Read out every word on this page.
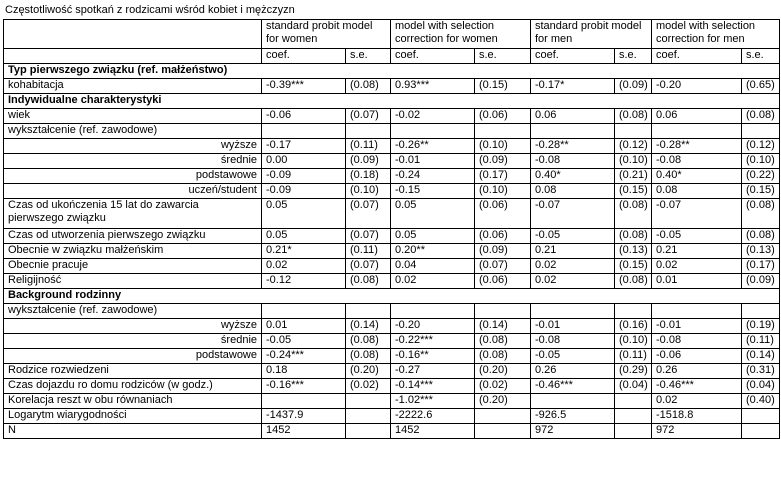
Częstotliwość spotkań z rodzicami wśród kobiet i mężczyzn
	standard probit model for women		model with selection correction for women		standard probit model for men		model with selection correction for men	
	coef.	s.e.	coef.	s.e.	coef.	s.e.	coef.	s.e.
Typ pierwszego związku (ref. małżeństwo)								
kohabitacja	-0.39***	(0.08)	0.93***	(0.15)	-0.17*	(0.09)	-0.20	(0.65)
Indywidualne charakterystyki								
wiek	-0.06	(0.07)	-0.02	(0.06)	0.06	(0.08)	0.06	(0.08)
wykształcenie (ref. zawodowe)								
wyższe	-0.17	(0.11)	-0.26**	(0.10)	-0.28**	(0.12)	-0.28**	(0.12)
średnie	0.00	(0.09)	-0.01	(0.09)	-0.08	(0.10)	-0.08	(0.10)
podstawowe	-0.09	(0.18)	-0.24	(0.17)	0.40*	(0.21)	0.40*	(0.22)
uczeń/student	-0.09	(0.10)	-0.15	(0.10)	0.08	(0.15)	0.08	(0.15)
Czas od ukończenia 15 lat do zawarcia pierwszego związku	0.05	(0.07)	0.05	(0.06)	-0.07	(0.08)	-0.07	(0.08)
Czas od utworzenia pierwszego związku	0.05	(0.07)	0.05	(0.06)	-0.05	(0.08)	-0.05	(0.08)
Obecnie w związku małżeńskim	0.21*	(0.11)	0.20**	(0.09)	0.21	(0.13)	0.21	(0.13)
Obecnie pracuje	0.02	(0.07)	0.04	(0.07)	0.02	(0.15)	0.02	(0.17)
Religijność	-0.12	(0.08)	0.02	(0.06)	0.02	(0.08)	0.01	(0.09)
Background rodzinny								
wykształcenie (ref. zawodowe)								
wyższe	0.01	(0.14)	-0.20	(0.14)	-0.01	(0.16)	-0.01	(0.19)
średnie	-0.05	(0.08)	-0.22***	(0.08)	-0.08	(0.10)	-0.08	(0.11)
podstawowe	-0.24***	(0.08)	-0.16**	(0.08)	-0.05	(0.11)	-0.06	(0.14)
Rodzice rozwiedzeni	0.18	(0.20)	-0.27	(0.20)	0.26	(0.29)	0.26	(0.31)
Czas dojazdu ro domu rodziców (w godz.)	-0.16***	(0.02)	-0.14***	(0.02)	-0.46***	(0.04)	-0.46***	(0.04)
Korelacja reszt w obu równaniach			-1.02***	(0.20)			0.02	(0.40)
Logarytm wiarygodności	-1437.9		-2222.6		-926.5		-1518.8	
N	1452		1452		972		972	
